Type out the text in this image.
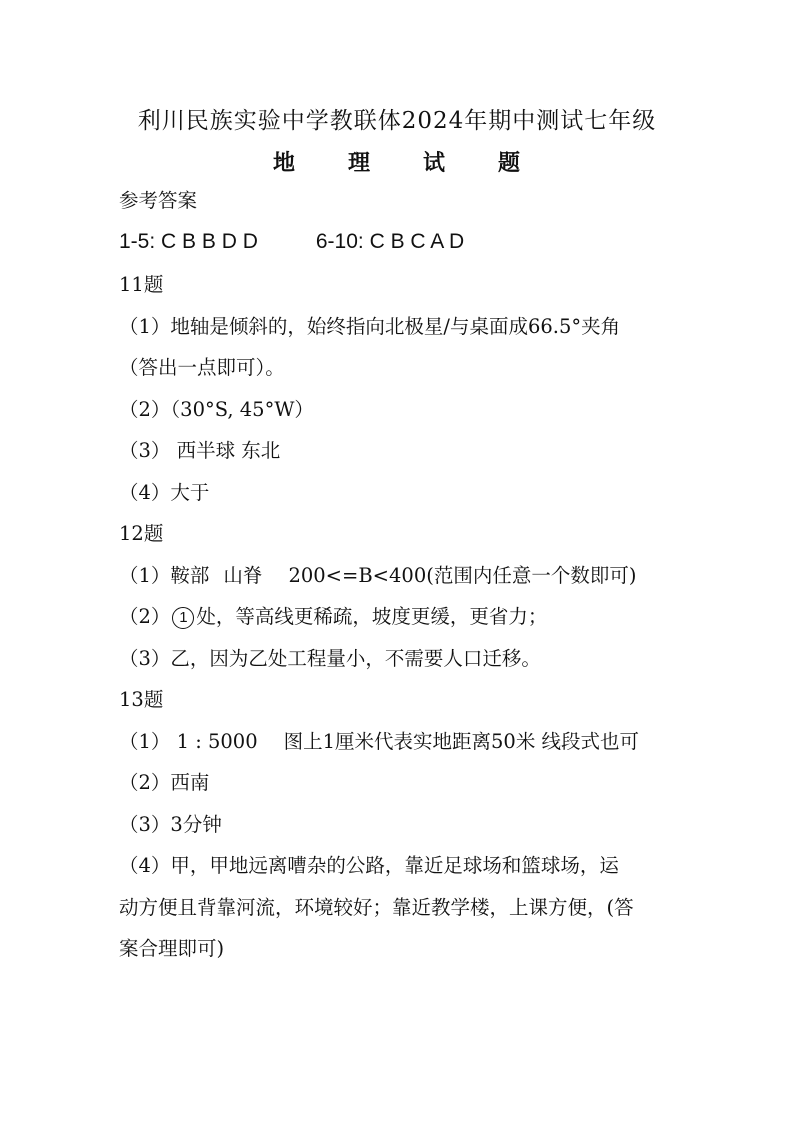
利川民族实验中学教联体2024年期中测试七年级
地 理 试 题
参考答案
1-5: C B B D D	6-10: C B C A D
11题
（1）地轴是倾斜的，始终指向北极星/与桌面成66.5°夹角
（答出一点即可）。
（2）（30°S, 45°W）
（3） 西半球 东北
（4）大于
12题
（1）鞍部 山脊 200<=B<400(范围内任意一个数即可)
（2） 1 处，等高线更稀疏，坡度更缓，更省力；
（3）乙，因为乙处工程量小，不需要人口迁移。
13题
（1） 1 : 5000 图上1厘米代表实地距离50米 线段式也可
（2）西南
（3）3分钟
（4）甲，甲地远离嘈杂的公路，靠近足球场和篮球场，运
动方便且背靠河流，环境较好；靠近教学楼，上课方便，(答
案合理即可)
